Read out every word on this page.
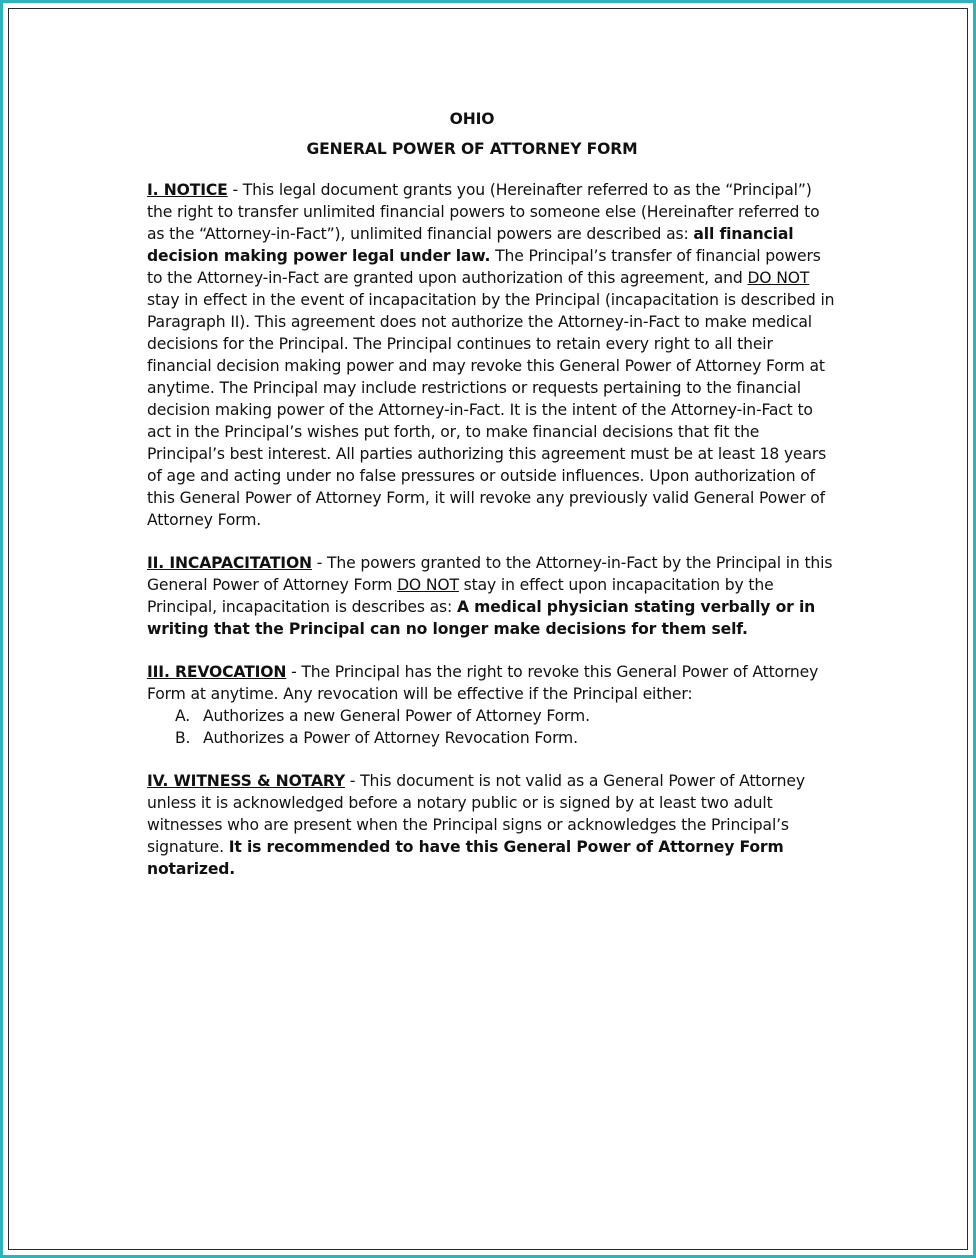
OHIO

GENERAL POWER OF ATTORNEY FORM

I. NOTICE - This legal document grants you (Hereinafter referred to as the “Principal”) the right to transfer unlimited financial powers to someone else (Hereinafter referred to as the “Attorney-in-Fact”), unlimited financial powers are described as: all financial decision making power legal under law. The Principal’s transfer of financial powers to the Attorney-in-Fact are granted upon authorization of this agreement, and DO NOT stay in effect in the event of incapacitation by the Principal (incapacitation is described in Paragraph II). This agreement does not authorize the Attorney-in-Fact to make medical decisions for the Principal. The Principal continues to retain every right to all their financial decision making power and may revoke this General Power of Attorney Form at anytime. The Principal may include restrictions or requests pertaining to the financial decision making power of the Attorney-in-Fact. It is the intent of the Attorney-in-Fact to act in the Principal’s wishes put forth, or, to make financial decisions that fit the Principal’s best interest. All parties authorizing this agreement must be at least 18 years of age and acting under no false pressures or outside influences. Upon authorization of this General Power of Attorney Form, it will revoke any previously valid General Power of Attorney Form.

II. INCAPACITATION - The powers granted to the Attorney-in-Fact by the Principal in this General Power of Attorney Form DO NOT stay in effect upon incapacitation by the Principal, incapacitation is describes as: A medical physician stating verbally or in writing that the Principal can no longer make decisions for them self.

III. REVOCATION - The Principal has the right to revoke this General Power of Attorney Form at anytime. Any revocation will be effective if the Principal either:
A. Authorizes a new General Power of Attorney Form.
B. Authorizes a Power of Attorney Revocation Form.

IV. WITNESS & NOTARY - This document is not valid as a General Power of Attorney unless it is acknowledged before a notary public or is signed by at least two adult witnesses who are present when the Principal signs or acknowledges the Principal’s signature. It is recommended to have this General Power of Attorney Form notarized.
